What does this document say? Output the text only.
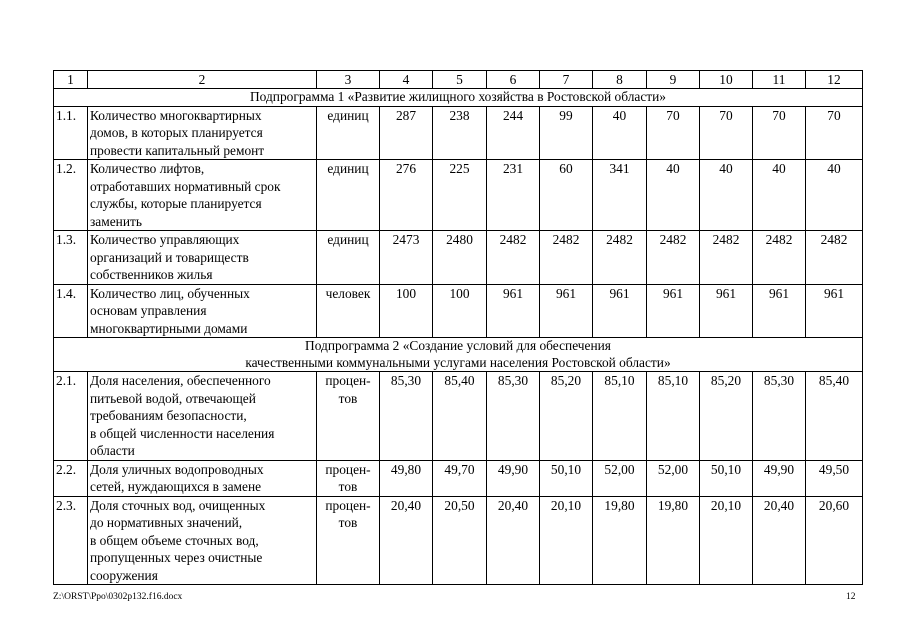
1	2	3	4	5	6	7	8	9	10	11	12
Подпрограмма 1 «Развитие жилищного хозяйства в Ростовской области»											
1.1.	Количество многоквартирных
домов, в которых планируется
провести капитальный ремонт	единиц	287	238	244	99	40	70	70	70	70
1.2.	Количество лифтов,
отработавших нормативный срок
службы, которые планируется
заменить	единиц	276	225	231	60	341	40	40	40	40
1.3.	Количество управляющих
организаций и товариществ
собственников жилья	единиц	2473	2480	2482	2482	2482	2482	2482	2482	2482
1.4.	Количество лиц, обученных
основам управления
многоквартирными домами	человек	100	100	961	961	961	961	961	961	961

Подпрограмма 2 «Создание условий для обеспечения
качественными коммунальными услугами населения Ростовской области»											

2.1.	Доля населения, обеспеченного
питьевой водой, отвечающей
требованиям безопасности,
в общей численности населения
области	процен-
тов	85,30	85,40	85,30	85,20	85,10	85,10	85,20	85,30	85,40
2.2.	Доля уличных водопроводных
сетей, нуждающихся в замене	процен-
тов	49,80	49,70	49,90	50,10	52,00	52,00	50,10	49,90	49,50
2.3.	Доля сточных вод, очищенных
до нормативных значений,
в общем объеме сточных вод,
пропущенных через очистные
сооружения	процен-
тов	20,40	20,50	20,40	20,10	19,80	19,80	20,10	20,40	20,60
Z:\ORST\Ppo\0302p132.f16.docx	12
